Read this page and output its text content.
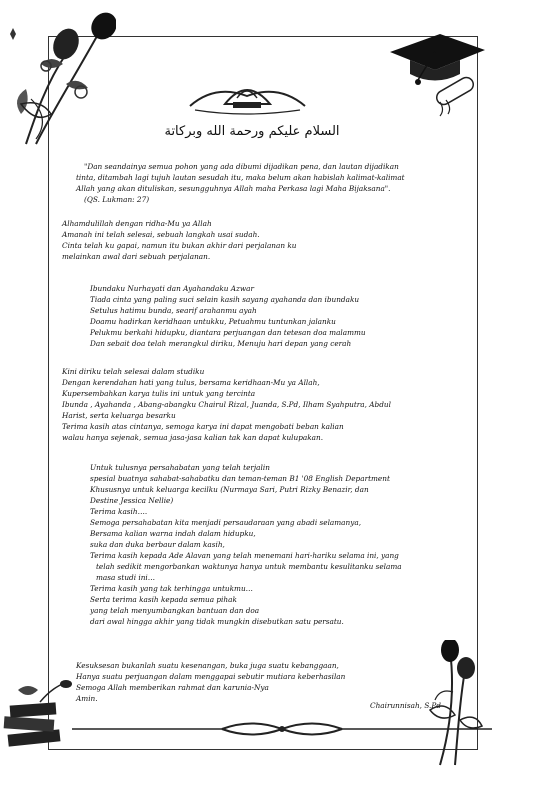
السلام عليكم ورحمة الله وبركاتة
"Dan seandainya semua pohon yang ada dibumi dijadikan pena, dan lautan dijadikan
tinta, ditambah lagi tujuh lautan sesudah itu, maka belum akan habislah kalimat-kalimat
Allah yang akan dituliskan, sesungguhnya Allah maha Perkasa lagi Maha Bijaksana".
(QS. Lukman: 27)
Alhamdulillah dengan ridha-Mu ya Allah
Amanah ini telah selesai, sebuah langkah usai sudah.
Cinta telah ku gapai, namun itu bukan akhir dari perjalanan ku
melainkan awal dari sebuah perjalanan.
Ibundaku Nurhayati dan Ayahandaku Azwar
Tiada cinta yang paling suci selain kasih sayang ayahanda dan ibundaku
Setulus hatimu bunda, searif arahanmu ayah
Doamu hadirkan keridhaan untukku, Petuahmu tuntunkan jalanku
Pelukmu berkahi hidupku, diantara perjuangan dan tetesan doa malammu
Dan sebait doa telah merangkul diriku, Menuju hari depan yang cerah
Kini diriku telah selesai dalam studiku
Dengan kerendahan hati yang tulus, bersama keridhaan-Mu ya Allah,
Kupersembahkan karya tulis ini untuk yang tercinta
Ibunda , Ayahanda , Abang-abangku Chairul Rizal, Juanda, S.Pd, Ilham Syahputra, Abdul
Harist, serta keluarga besarku
Terima kasih atas cintanya, semoga karya ini dapat mengobati beban kalian
walau hanya sejenak, semua jasa-jasa kalian tak kan dapat kulupakan.
Untuk tulusnya persahabatan yang telah terjalin
spesial buatnya sahabat-sahabatku dan teman-teman B1 '08 English Department
Khususnya untuk keluarga kecilku (Nurmaya Sari, Putri Rizky Benazir, dan
Destine Jessica Nellie)
Terima kasih….
Semoga persahabatan kita menjadi persaudaraan yang abadi selamanya,
Bersama kalian warna indah dalam hidupku,
suka dan duka berbaur dalam kasih,
Terima kasih kepada Ade Alavan yang telah menemani hari-hariku selama ini, yang
telah sedikit mengorbankan waktunya hanya untuk membantu kesulitanku selama
masa studi ini…
Terima kasih yang tak terhingga untukmu…
Serta terima kasih kepada semua pihak
yang telah menyumbangkan bantuan dan doa
dari awal hingga akhir yang tidak mungkin disebutkan satu persatu.
Kesuksesan bukanlah suatu kesenangan, buka juga suatu kebanggaan,
Hanya suatu perjuangan dalam menggapai sebutir mutiara keberhasilan
Semoga Allah memberikan rahmat dan karunia-Nya
Amin.
Chairunnisah, S.Pd
